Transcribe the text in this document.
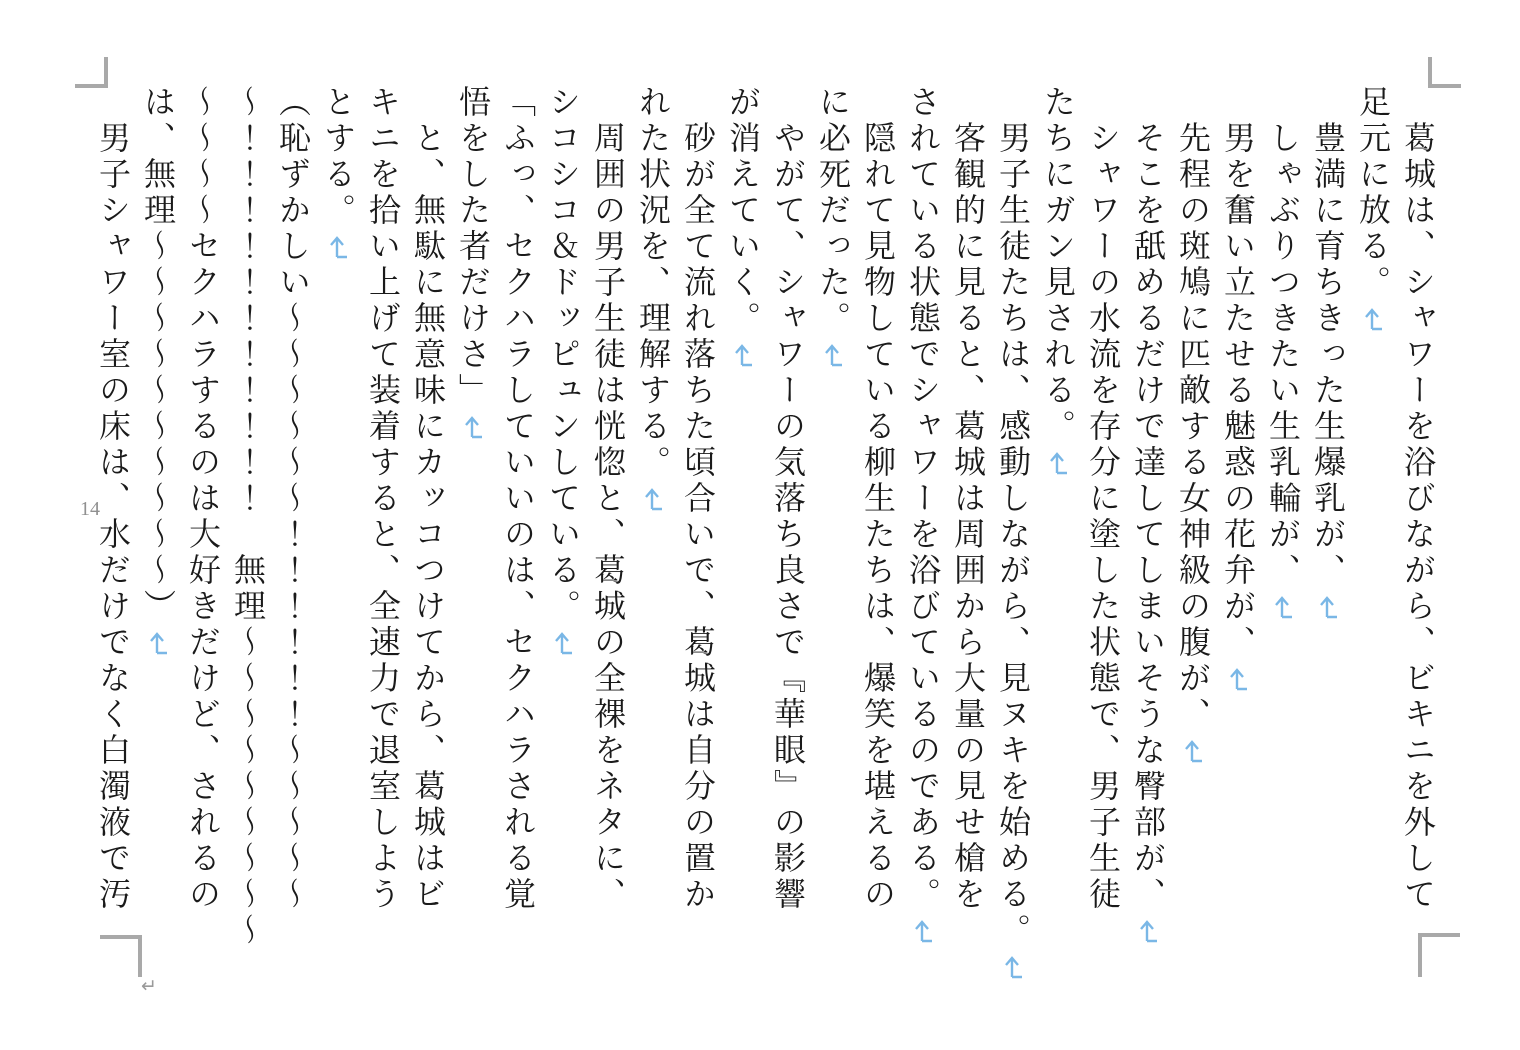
14	　葛城は、シャワーを浴びながら、ビキニを外して
足元に放る。
　豊満に育ちきった生爆乳が、
　しゃぶりつきたい生乳輪が、
　男を奮い立たせる魅惑の花弁が、
　先程の斑鳩に匹敵する女神級の腹が、
　そこを舐めるだけで達してしまいそうな臀部が、
　シャワーの水流を存分に塗した状態で、男子生徒
たちにガン見される。
　男子生徒たちは、感動しながら、見ヌキを始める。
　客観的に見ると、葛城は周囲から大量の見せ槍を
されている状態でシャワーを浴びているのである。
　隠れて見物している柳生たちは、爆笑を堪えるの
に必死だった。
　やがて、シャワーの気落ち良さで『華眼』の影響
が消えていく。
　砂が全て流れ落ちた頃合いで、葛城は自分の置か
れた状況を、理解する。
　周囲の男子生徒は恍惚と、葛城の全裸をネタに、
シコシコ＆ドッピュンしている。
「ふっ、セクハラしていいのは、セクハラされる覚
悟をした者だけさ」
　と、無駄に無意味にカッコつけてから、葛城はビ
キニを拾い上げて装着すると、全速力で退室しよう
とする。
（恥ずかしい～～～～～～！！！！！！～～～～～
～！！！！！！！！！！！　無理～～～～～～～～～
～～～～セクハラするのは大好きだけど、されるの
は、無理～～～～～～～～～～）
　男子シャワー室の床は、水だけでなく白濁液で汚
↵
